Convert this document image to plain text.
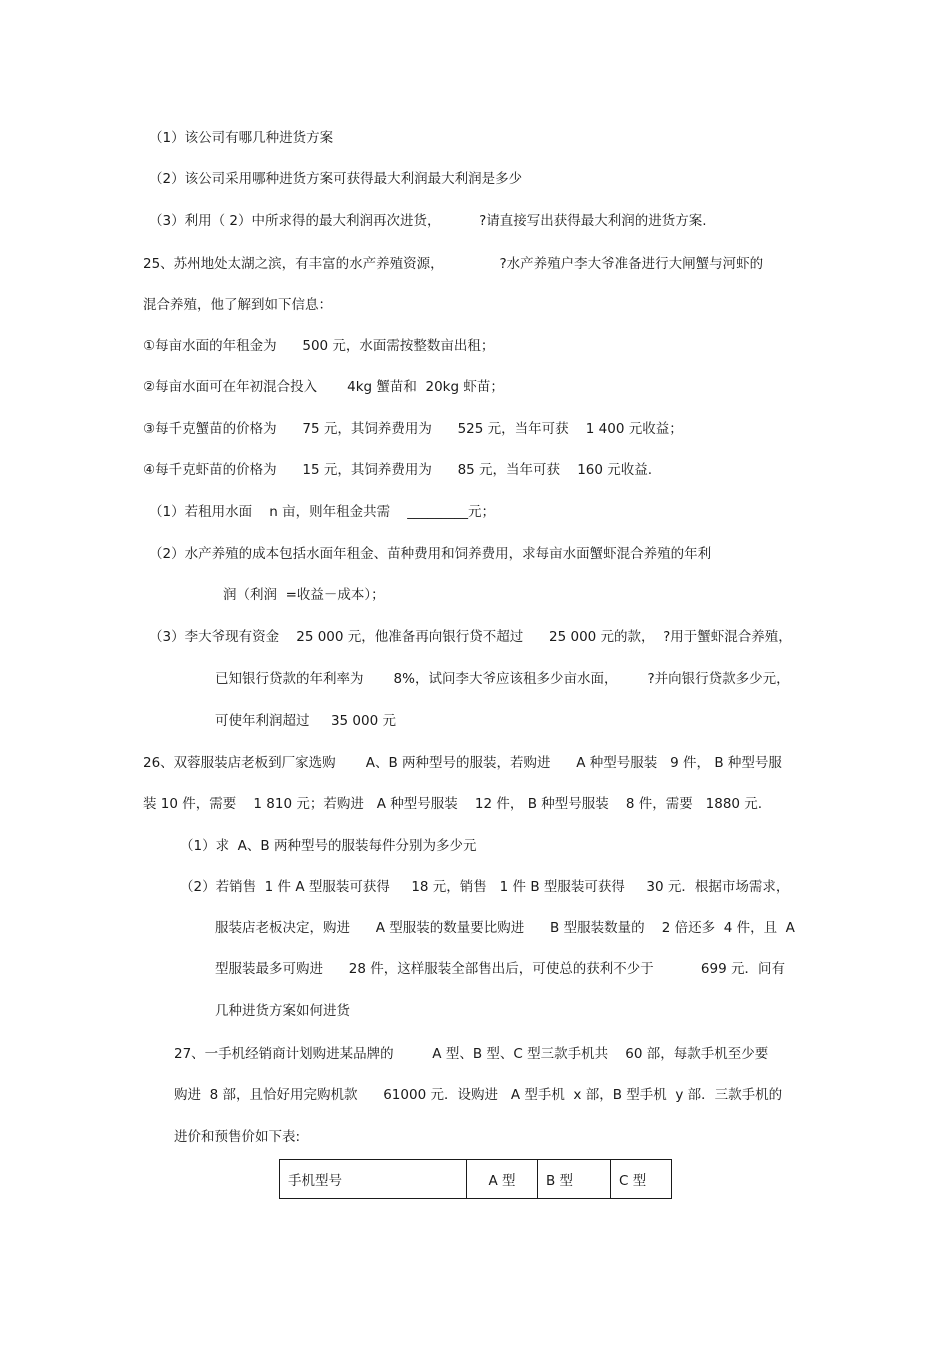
（1）该公司有哪几种进货方案
（2）该公司采用哪种进货方案可获得最大利润最大利润是多少
（3）利用（ 2）中所求得的最大利润再次进货，         ?请直接写出获得最大利润的进货方案.
25、苏州地处太湖之滨，有丰富的水产养殖资源，             ?水产养殖户李大爷准备进行大闸蟹与河虾的
混合养殖，他了解到如下信息：
①每亩水面的年租金为      500 元，水面需按整数亩出租；
②每亩水面可在年初混合投入       4kg 蟹苗和  20kg 虾苗；
③每千克蟹苗的价格为      75 元，其饲养费用为      525 元，当年可获    1 400 元收益；
④每千克虾苗的价格为      15 元，其饲养费用为      85 元，当年可获    160 元收益.
（1）若租用水面    n 亩，则年租金共需    _________元；
（2）水产养殖的成本包括水面年租金、苗种费用和饲养费用，求每亩水面蟹虾混合养殖的年利
润（利润  =收益－成本）；
（3）李大爷现有资金    25 000 元，他准备再向银行贷不超过      25 000 元的款，  ?用于蟹虾混合养殖，
已知银行贷款的年利率为       8%，试问李大爷应该租多少亩水面，       ?并向银行贷款多少元，
可使年利润超过     35 000 元
26、双蓉服装店老板到厂家选购       A、B 两种型号的服装，若购进      A 种型号服装   9 件， B 种型号服
装 10 件，需要    1 810 元；若购进   A 种型号服装    12 件， B 种型号服装    8 件，需要   1880 元.
（1）求  A、B 两种型号的服装每件分别为多少元
（2）若销售  1 件 A 型服装可获得     18 元，销售   1 件 B 型服装可获得     30 元．根据市场需求，
服装店老板决定，购进      A 型服装的数量要比购进      B 型服装数量的    2 倍还多  4 件，且  A
型服装最多可购进      28 件，这样服装全部售出后，可使总的获利不少于           699 元．问有
几种进货方案如何进货
27、一手机经销商计划购进某品牌的         A 型、B 型、C 型三款手机共    60 部，每款手机至少要
购进  8 部，且恰好用完购机款      61000 元．设购进   A 型手机  x 部，B 型手机  y 部．三款手机的
进价和预售价如下表:
手机型号	A 型	B 型	C 型
